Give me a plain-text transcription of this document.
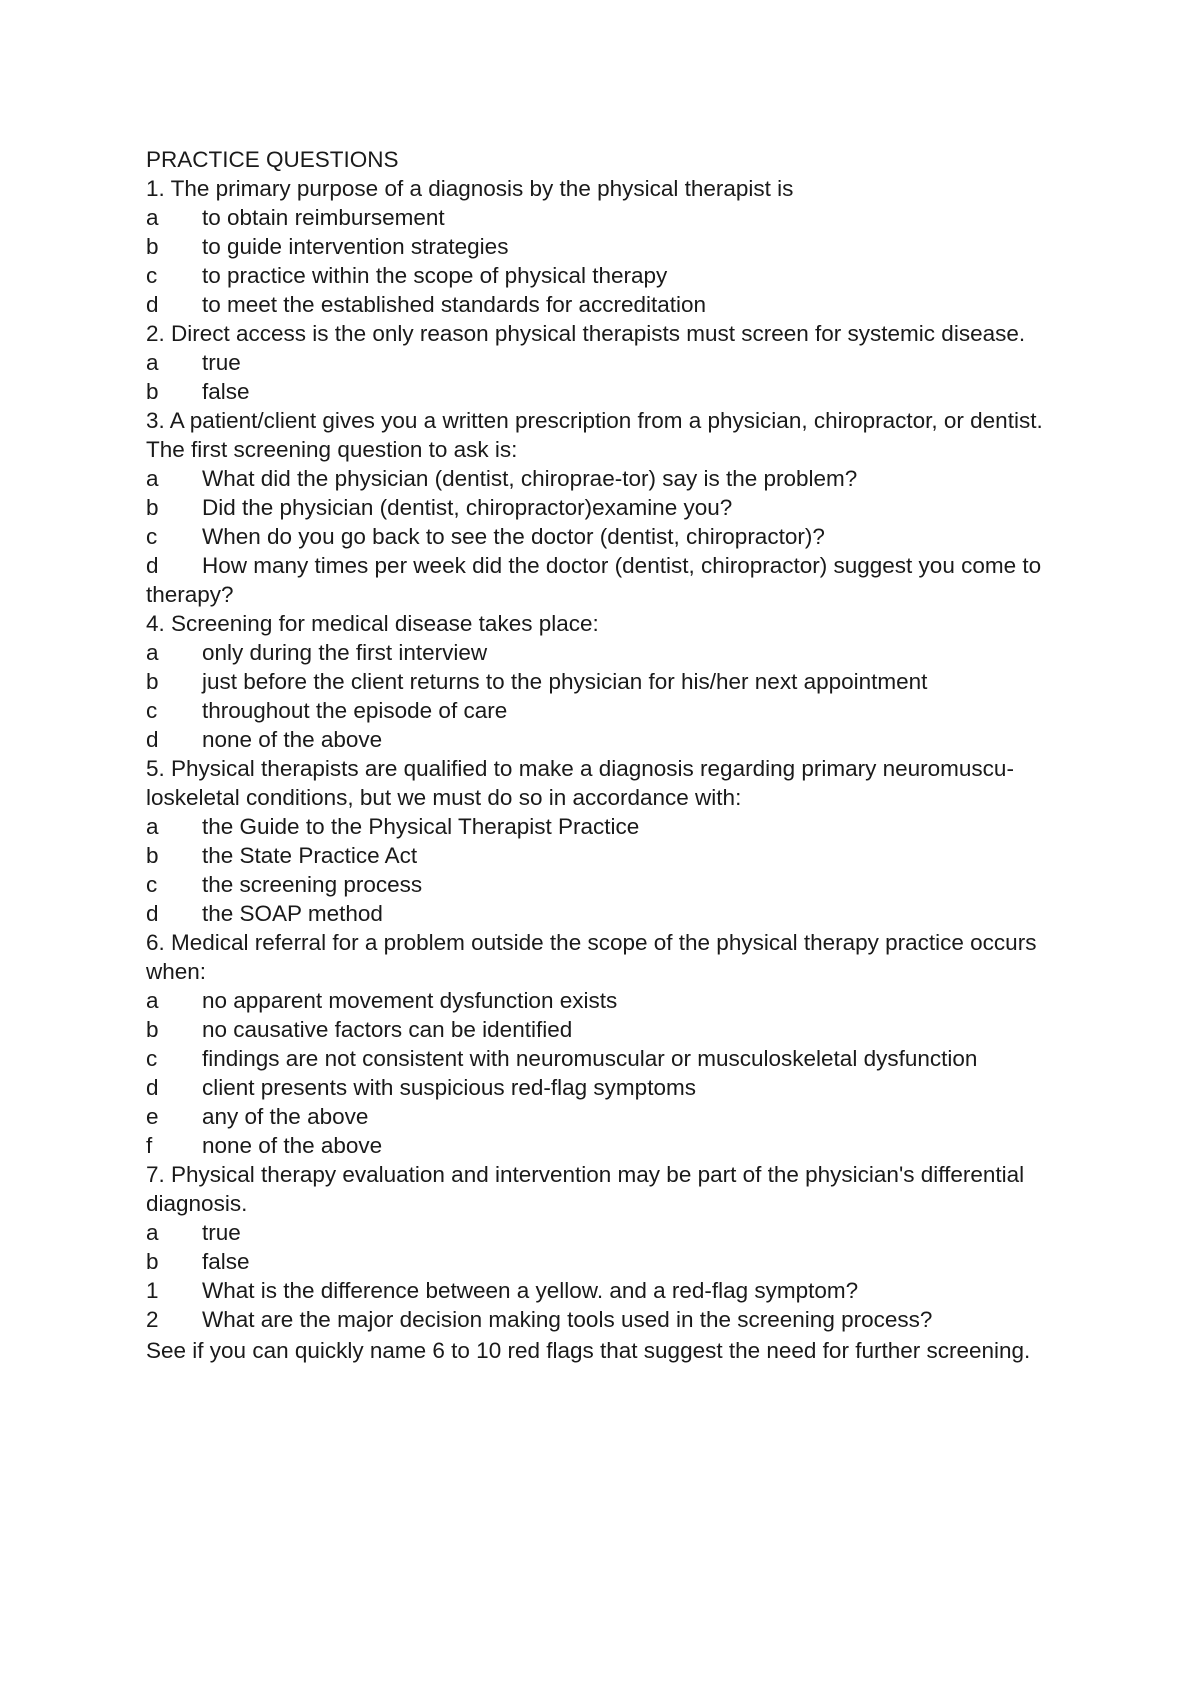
PRACTICE QUESTIONS
1. The primary purpose of a diagnosis by the physical therapist is
a	to obtain reimbursement
b	to guide intervention strategies
c	to practice within the scope of physical therapy
d	to meet the established standards for accreditation
2. Direct access is the only reason physical therapists must screen for systemic disease.
a	true
b	false
3. A patient/client gives you a written prescription from a physician, chiropractor, or dentist. The first screening question to ask is:
a	What did the physician (dentist, chiroprae-tor) say is the problem?
b	Did the physician (dentist, chiropractor)examine you?
c	When do you go back to see the doctor (dentist, chiropractor)?
d How many times per week did the doctor (dentist, chiropractor) suggest you come to therapy?
4. Screening for medical disease takes place:
a	only during the first interview
b	just before the client returns to the physician for his/her next appointment
c	throughout the episode of care
d	none of the above
5. Physical therapists are qualified to make a diagnosis regarding primary neuromuscu-loskeletal conditions, but we must do so in accordance with:
a	the Guide to the Physical Therapist Practice
b	the State Practice Act
c	the screening process
d	the SOAP method
6. Medical referral for a problem outside the scope of the physical therapy practice occurs when:
a	no apparent movement dysfunction exists
b	no causative factors can be identified
c	findings are not consistent with neuromuscular or musculoskeletal dysfunction
d	client presents with suspicious red-flag symptoms
e	any of the above
f	none of the above
7. Physical therapy evaluation and intervention may be part of the physician's differential diagnosis.
a	true
b	false
1	What is the difference between a yellow. and a red-flag symptom?
2	What are the major decision making tools used in the screening process?
See if you can quickly name 6 to 10 red flags that suggest the need for further screening.
